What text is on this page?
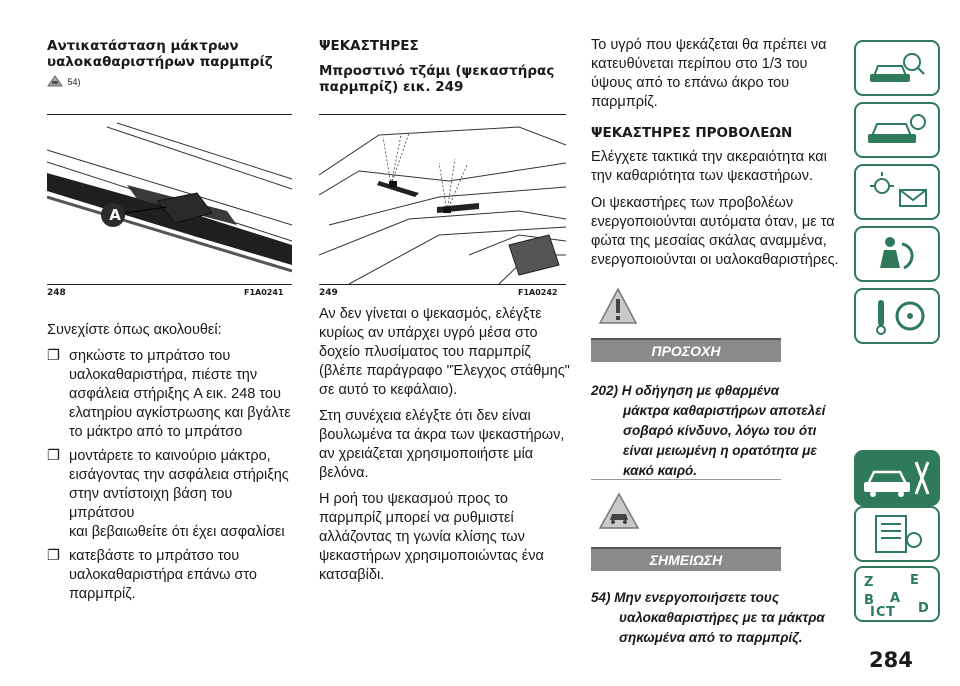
Αντικατάσταση μάκτρων
υαλοκαθαριστήρων παρμπρίζ

54)
A
248	F1A0241

Συνεχίστε όπως ακολουθεί:

❐ σηκώστε το μπράτσο του
υαλοκαθαριστήρα, πιέστε την
ασφάλεια στήριξης A εικ. 248 του
ελατηρίου αγκίστρωσης και βγάλτε
το μάκτρο από το μπράτσο
❐ μοντάρετε το καινούριο μάκτρο,
εισάγοντας την ασφάλεια στήριξης
στην αντίστοιχη βάση του μπράτσου
και βεβαιωθείτε ότι έχει ασφαλίσει
❐ κατεβάστε το μπράτσο του
υαλοκαθαριστήρα επάνω στο
παρμπρίζ.

ΨΕΚΑΣΤΗΡΕΣ

Μπροστινό τζάμι (ψεκαστήρας
παρμπρίζ) εικ. 249

249	F1A0242

Αν δεν γίνεται ο ψεκασμός, ελέγξτε
κυρίως αν υπάρχει υγρό μέσα στο
δοχείο πλυσίματος του παρμπρίζ
(βλέπε παράγραφο "Έλεγχος στάθμης"
σε αυτό το κεφάλαιο).

Στη συνέχεια ελέγξτε ότι δεν είναι
βουλωμένα τα άκρα των ψεκαστήρων,
αν χρειάζεται χρησιμοποιήστε μία
βελόνα.

Η ροή του ψεκασμού προς το
παρμπρίζ μπορεί να ρυθμιστεί
αλλάζοντας τη γωνία κλίσης των
ψεκαστήρων χρησιμοποιώντας ένα
κατσαβίδι.

Το υγρό που ψεκάζεται θα πρέπει να
κατευθύνεται περίπου στο 1/3 του
ύψους από το επάνω άκρο του
παρμπρίζ.

ΨΕΚΑΣΤΗΡΕΣ ΠΡΟΒΟΛΕΩΝ

Ελέγχετε τακτικά την ακεραιότητα και
την καθαριότητα των ψεκαστήρων.

Οι ψεκαστήρες των προβολέων
ενεργοποιούνται αυτόματα όταν, με τα
φώτα της μεσαίας σκάλας αναμμένα,
ενεργοποιούνται οι υαλοκαθαριστήρες.

ΠΡΟΣΟΧΗ
202) Η οδήγηση με φθαρμένα
μάκτρα καθαριστήρων αποτελεί
σοβαρό κίνδυνο, λόγω του ότι
είναι μειωμένη η ορατότητα με
κακό καιρό.
ΣΗΜΕΙΩΣΗ
54) Μην ενεργοποιήσετε τους
υαλοκαθαριστήρες με τα μάκτρα
σηκωμένα από το παρμπρίζ.
Z	E
B A
C D
I T
284
